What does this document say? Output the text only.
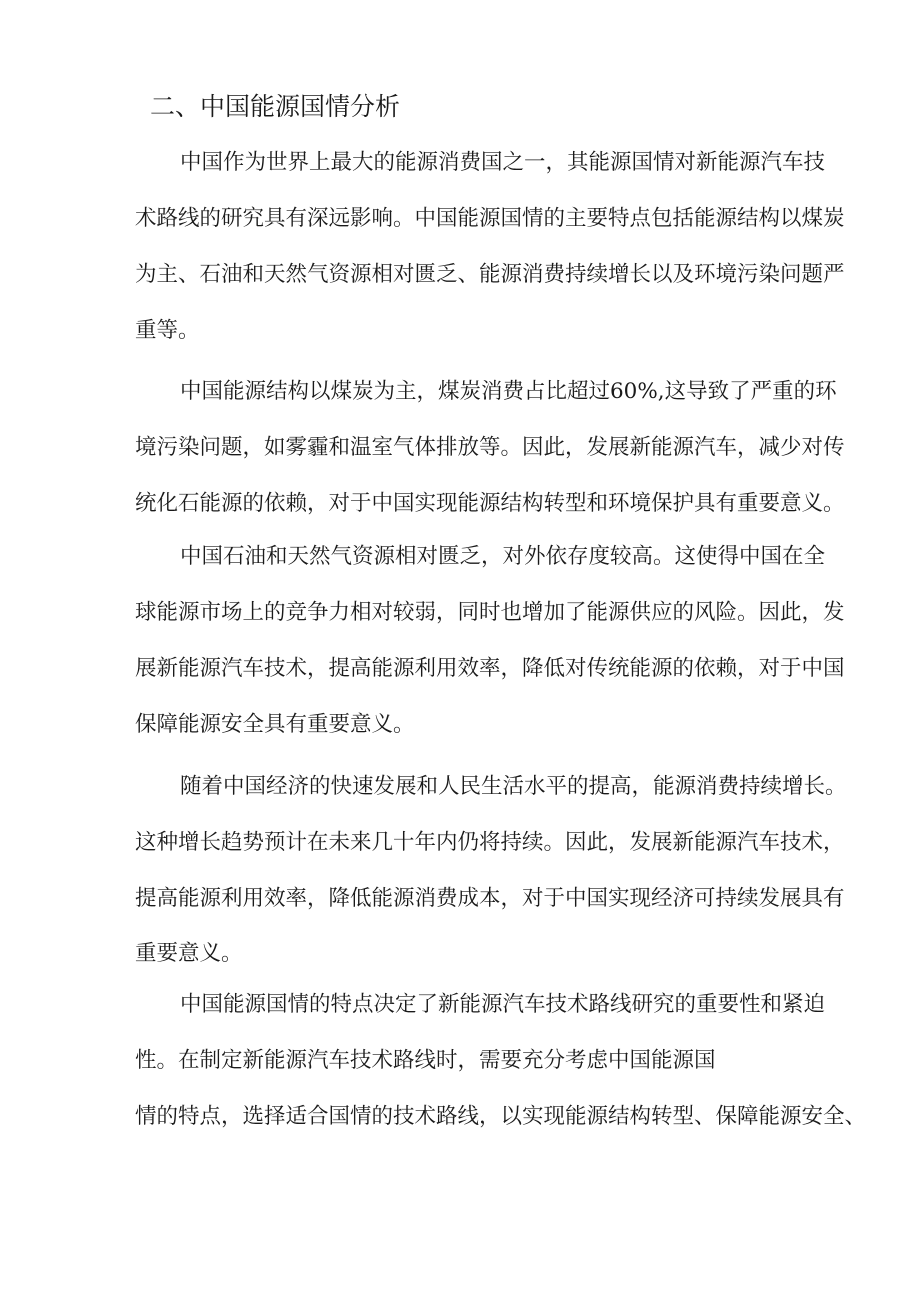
二、中国能源国情分析
中国作为世界上最大的能源消费国之一，其能源国情对新能源汽车技
术路线的研究具有深远影响。中国能源国情的主要特点包括能源结构以煤炭
为主、石油和天然气资源相对匮乏、能源消费持续增长以及环境污染问题严
重等。
中国能源结构以煤炭为主，煤炭消费占比超过60%,这导致了严重的环
境污染问题，如雾霾和温室气体排放等。因此，发展新能源汽车，减少对传
统化石能源的依赖，对于中国实现能源结构转型和环境保护具有重要意义。
中国石油和天然气资源相对匮乏，对外依存度较高。这使得中国在全
球能源市场上的竞争力相对较弱，同时也增加了能源供应的风险。因此，发
展新能源汽车技术，提高能源利用效率，降低对传统能源的依赖，对于中国
保障能源安全具有重要意义。
随着中国经济的快速发展和人民生活水平的提高，能源消费持续增长。
这种增长趋势预计在未来几十年内仍将持续。因此，发展新能源汽车技术，
提高能源利用效率，降低能源消费成本，对于中国实现经济可持续发展具有
重要意义。
中国能源国情的特点决定了新能源汽车技术路线研究的重要性和紧迫
性。在制定新能源汽车技术路线时，需要充分考虑中国能源国
情的特点，选择适合国情的技术路线，以实现能源结构转型、保障能源安全、
